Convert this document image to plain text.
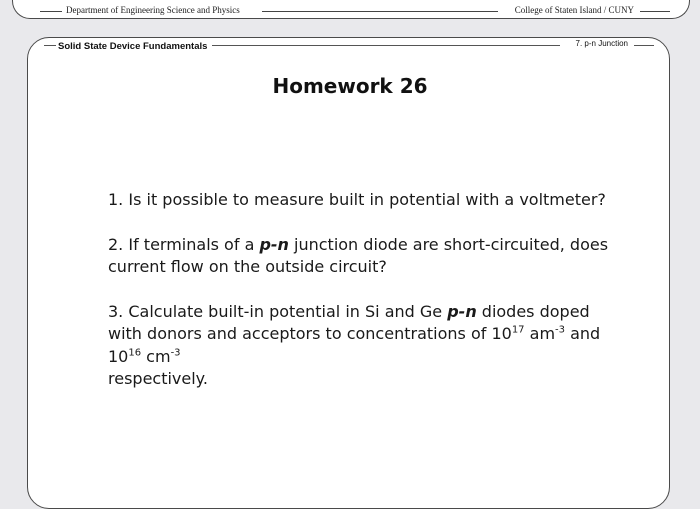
Department of Engineering Science and Physics	College of Staten Island / CUNY
Solid State Device Fundamentals	7. p-n Junction
Homework 26

1. Is it possible to measure built in potential with a voltmeter?

2. If terminals of a p-n junction diode are short-circuited, does current flow on the outside circuit?

3. Calculate built-in potential in Si and Ge p-n diodes doped with donors and acceptors to concentrations of $10^{17}$ $am^{-3}$ and $10^{16}$ $cm^{-3}$
respectively.
